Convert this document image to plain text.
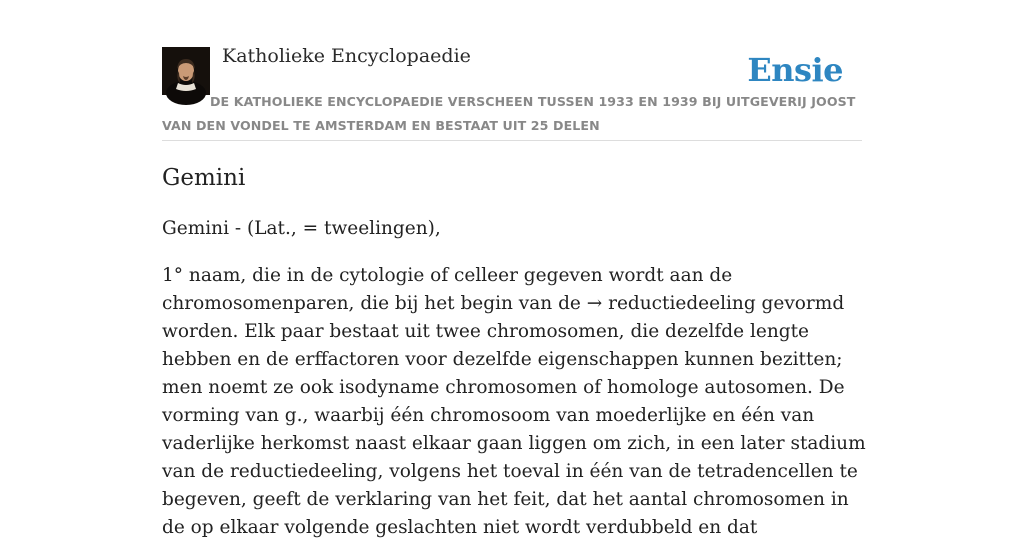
Katholieke Encyclopaedie	Ensie
DE KATHOLIEKE ENCYCLOPAEDIE VERSCHEEN TUSSEN 1933 EN 1939 BIJ UITGEVERIJ JOOST VAN DEN VONDEL TE AMSTERDAM EN BESTAAT UIT 25 DELEN
Gemini

Gemini - (Lat., = tweelingen),

1° naam, die in de cytologie of celleer gegeven wordt aan de chromosomenparen, die bij het begin van de → reductiedeeling gevormd worden. Elk paar bestaat uit twee chromosomen, die dezelfde lengte hebben en de erffactoren voor dezelfde eigenschappen kunnen bezitten; men noemt ze ook isodyname chromosomen of homologe autosomen. De vorming van g., waarbij één chromosoom van moederlijke en één van vaderlijke herkomst naast elkaar gaan liggen om zich, in een later stadium van de reductiedeeling, volgens het toeval in één van de tetradencellen te begeven, geeft de verklaring van het feit, dat het aantal chromosomen in de op elkaar volgende geslachten niet wordt verdubbeld en dat
